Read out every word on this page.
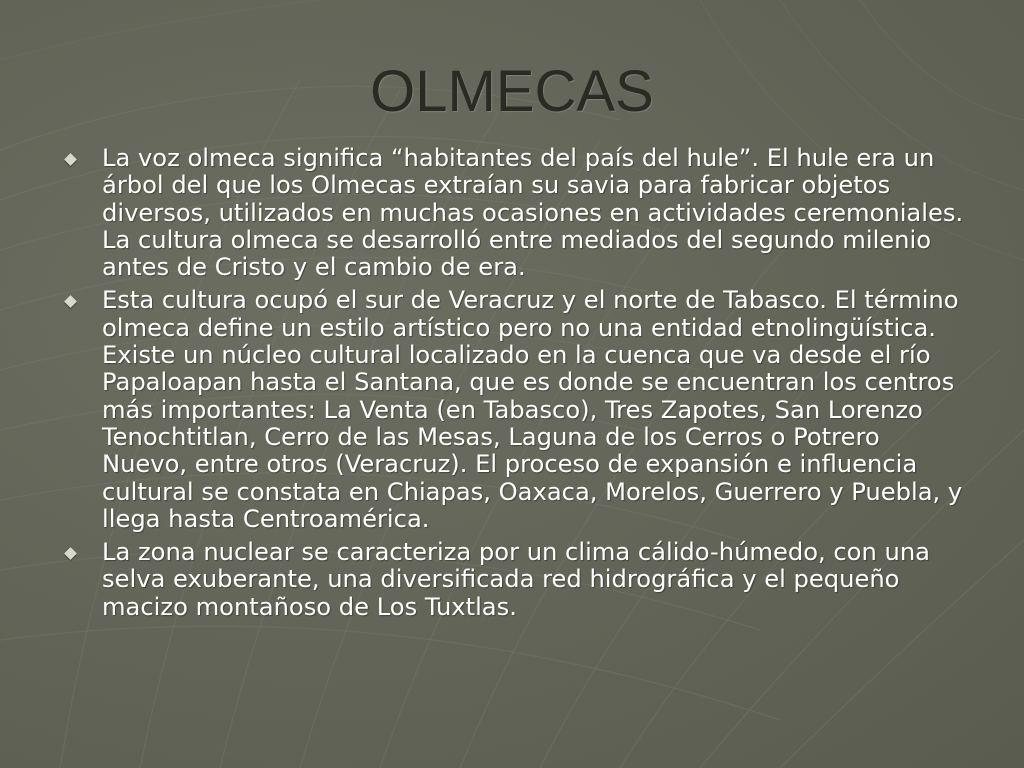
OLMECAS
La voz olmeca significa “habitantes del país del hule”. El hule era un árbol del que los Olmecas extraían su savia para fabricar objetos diversos, utilizados en muchas ocasiones en actividades ceremoniales. La cultura olmeca se desarrolló entre mediados del segundo milenio antes de Cristo y el cambio de era.
Esta cultura ocupó el sur de Veracruz y el norte de Tabasco. El término olmeca define un estilo artístico pero no una entidad etnolingüística. Existe un núcleo cultural localizado en la cuenca que va desde el río Papaloapan hasta el Santana, que es donde se encuentran los centros más importantes: La Venta (en Tabasco), Tres Zapotes, San Lorenzo Tenochtitlan, Cerro de las Mesas, Laguna de los Cerros o Potrero Nuevo, entre otros (Veracruz). El proceso de expansión e influencia cultural se constata en Chiapas, Oaxaca, Morelos, Guerrero y Puebla, y llega hasta Centroamérica.
La zona nuclear se caracteriza por un clima cálido-húmedo, con una selva exuberante, una diversificada red hidrográfica y el pequeño macizo montañoso de Los Tuxtlas.
